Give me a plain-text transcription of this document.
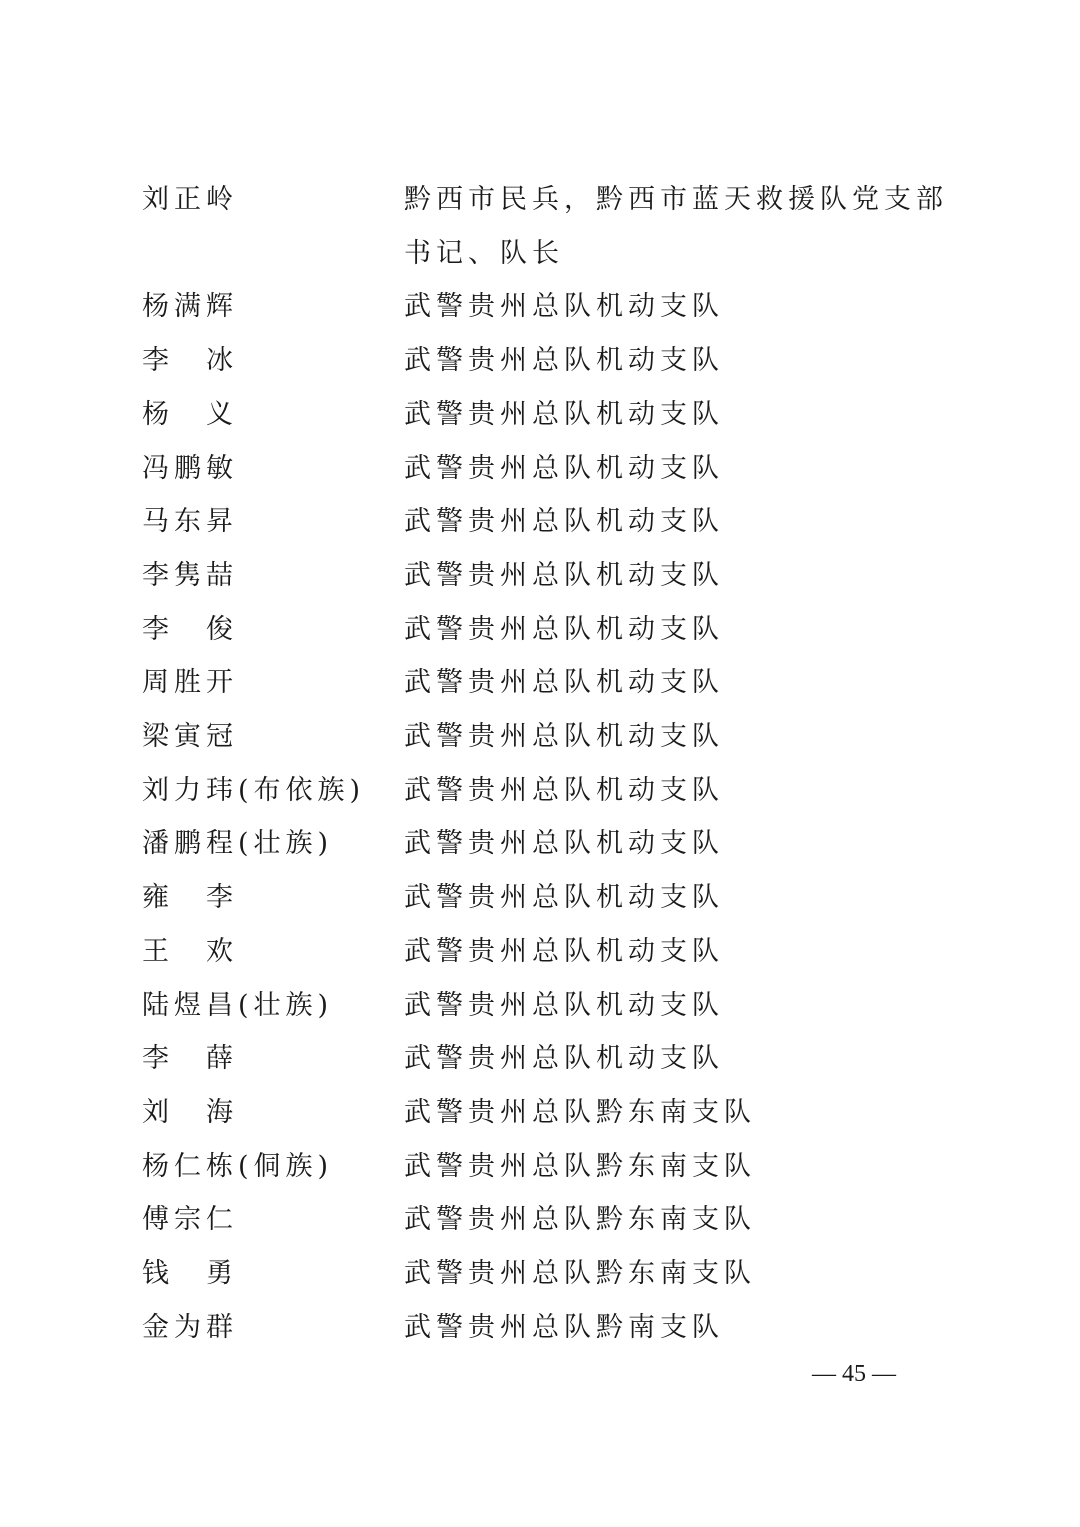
刘正岭	黔西市民兵，黔西市蓝天救援队党支部书记、队长
杨满辉	武警贵州总队机动支队
李　冰	武警贵州总队机动支队
杨　义	武警贵州总队机动支队
冯鹏敏	武警贵州总队机动支队
马东昇	武警贵州总队机动支队
李隽喆	武警贵州总队机动支队
李　俊	武警贵州总队机动支队
周胜开	武警贵州总队机动支队
梁寅冠	武警贵州总队机动支队
刘力玮(布依族)	武警贵州总队机动支队
潘鹏程(壮族)	武警贵州总队机动支队
雍　李	武警贵州总队机动支队
王　欢	武警贵州总队机动支队
陆煜昌(壮族)	武警贵州总队机动支队
李　薛	武警贵州总队机动支队
刘　海	武警贵州总队黔东南支队
杨仁栋(侗族)	武警贵州总队黔东南支队
傅宗仁	武警贵州总队黔东南支队
钱　勇	武警贵州总队黔东南支队
金为群	武警贵州总队黔南支队
— 45 —
